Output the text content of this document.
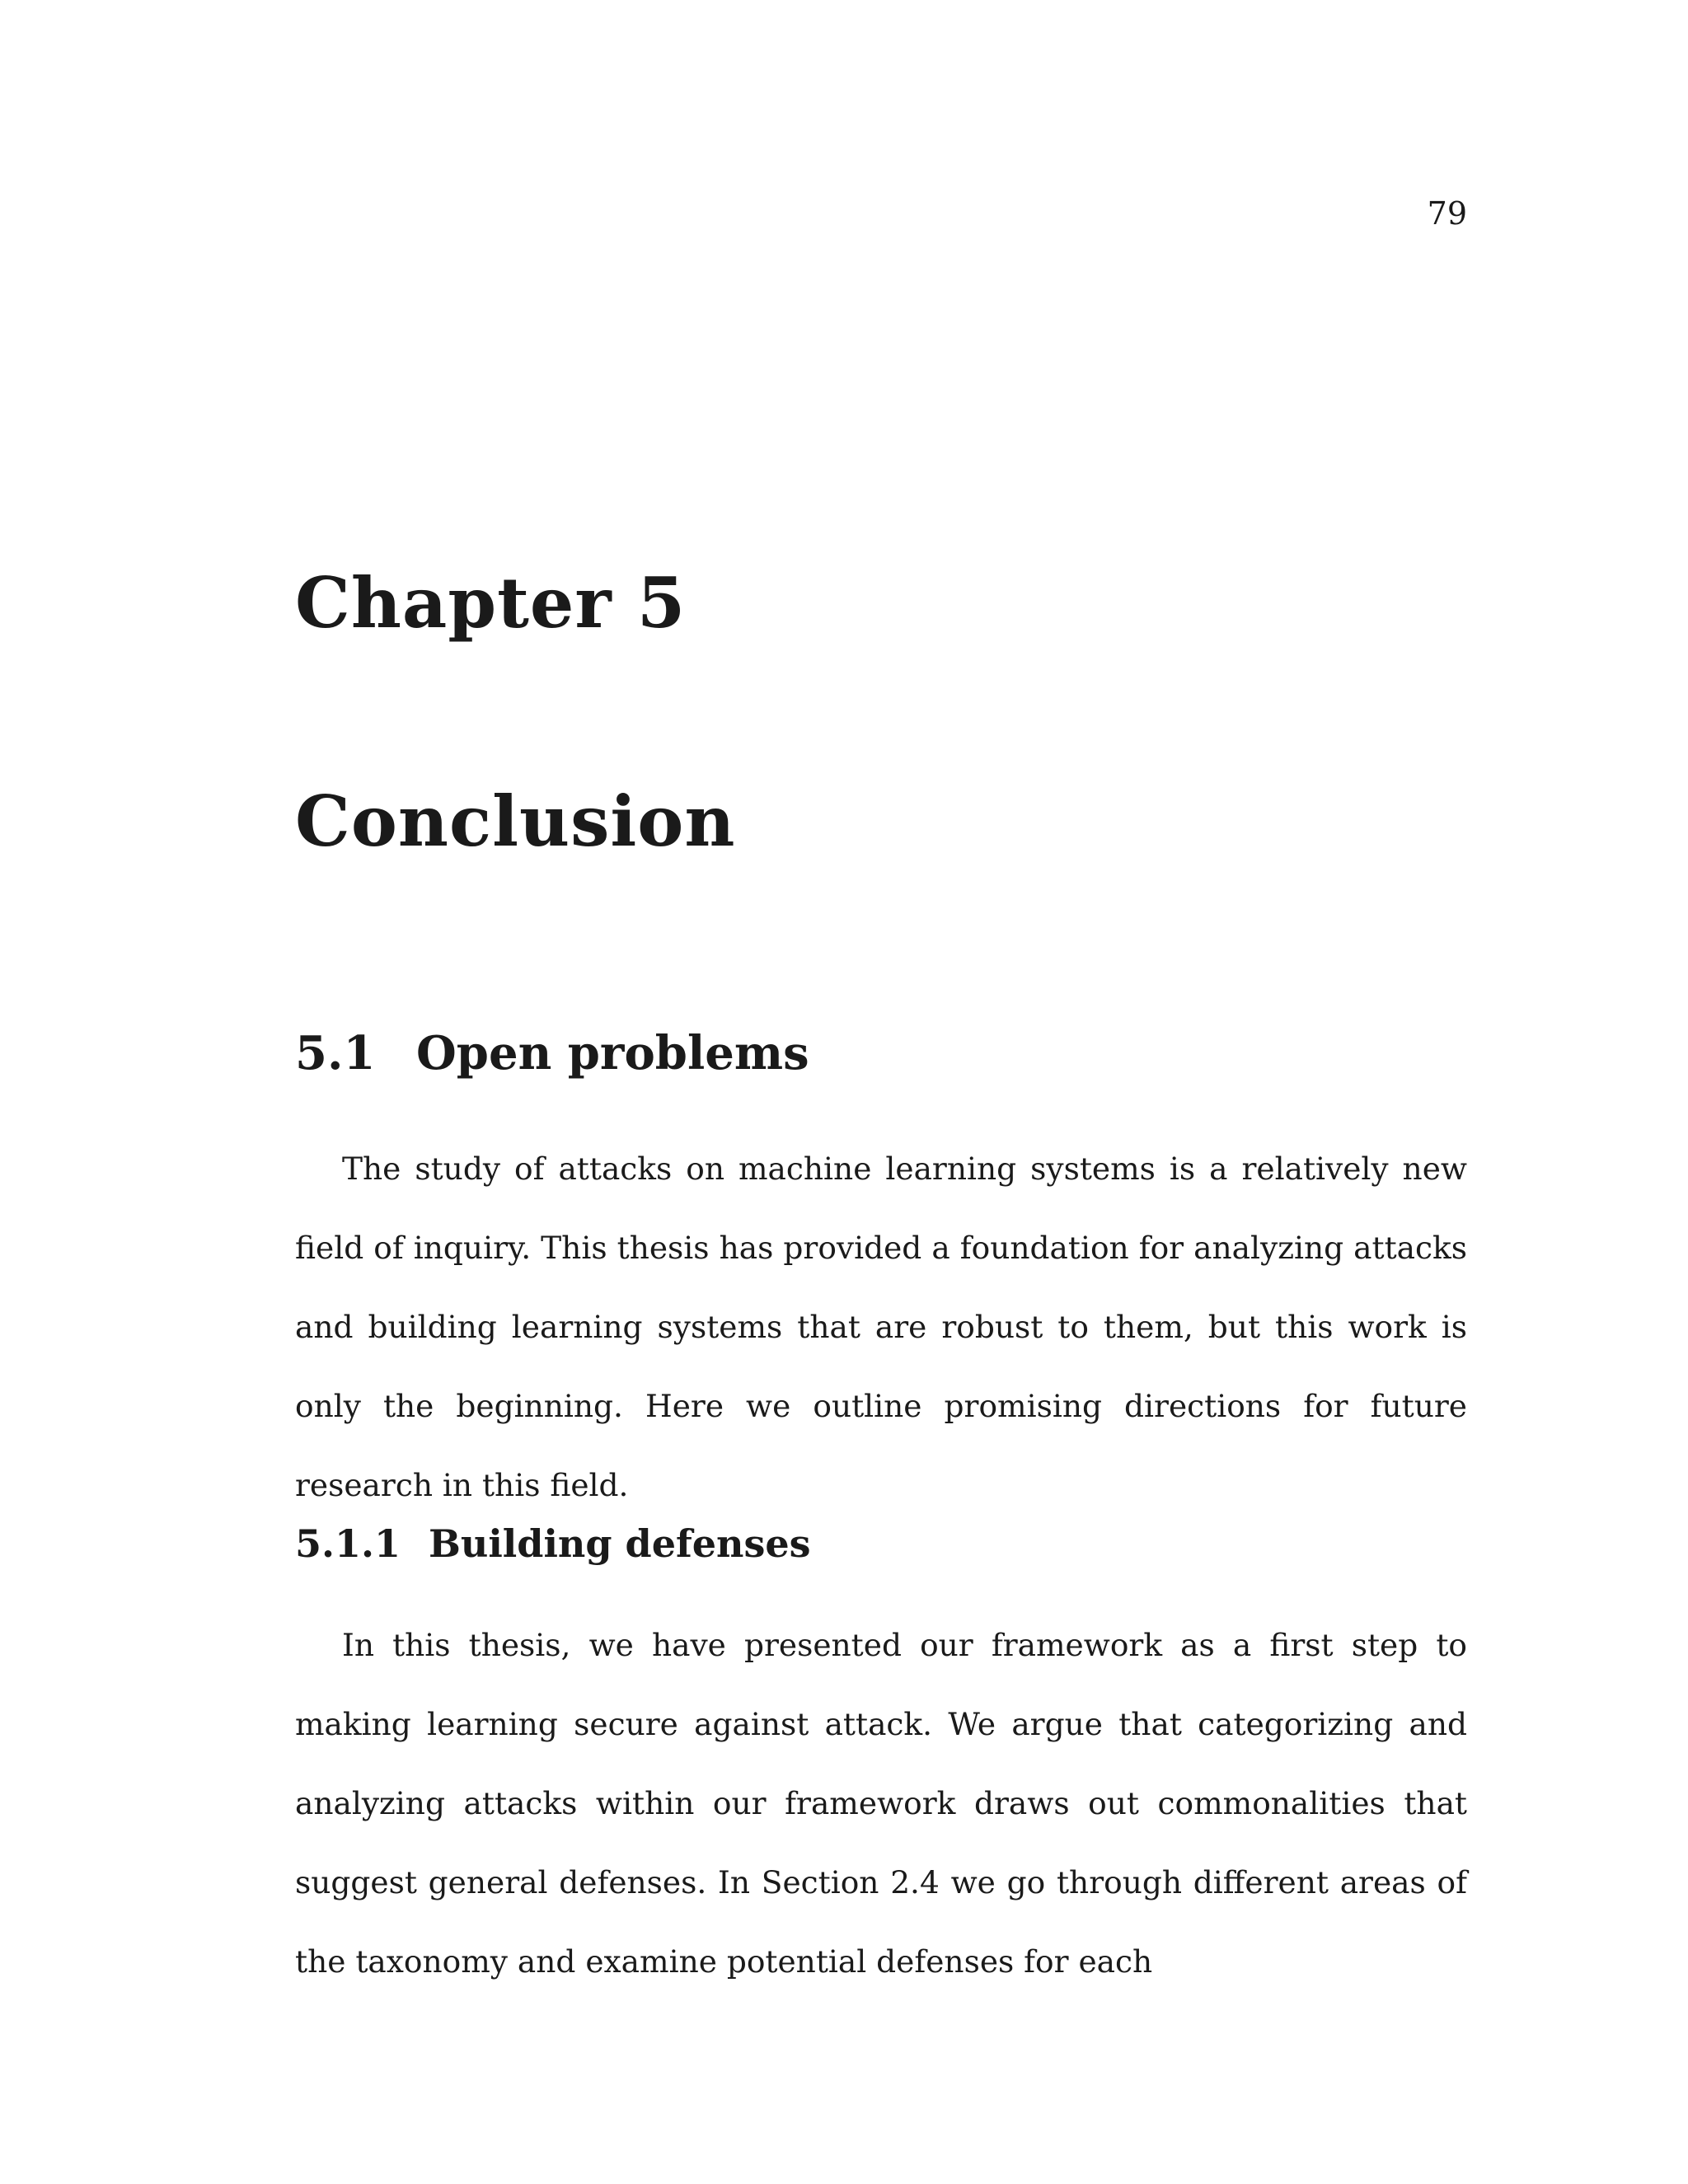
79
Chapter 5
Conclusion
5.1 Open problems

The study of attacks on machine learning systems is a relatively new field of inquiry. This thesis has provided a foundation for analyzing attacks and building learning systems that are robust to them, but this work is only the beginning. Here we outline promising directions for future research in this field.

5.1.1 Building defenses

In this thesis, we have presented our framework as a first step to making learning secure against attack. We argue that categorizing and analyzing attacks within our framework draws out commonalities that suggest general defenses. In Section 2.4 we go through different areas of the taxonomy and examine potential defenses for each
